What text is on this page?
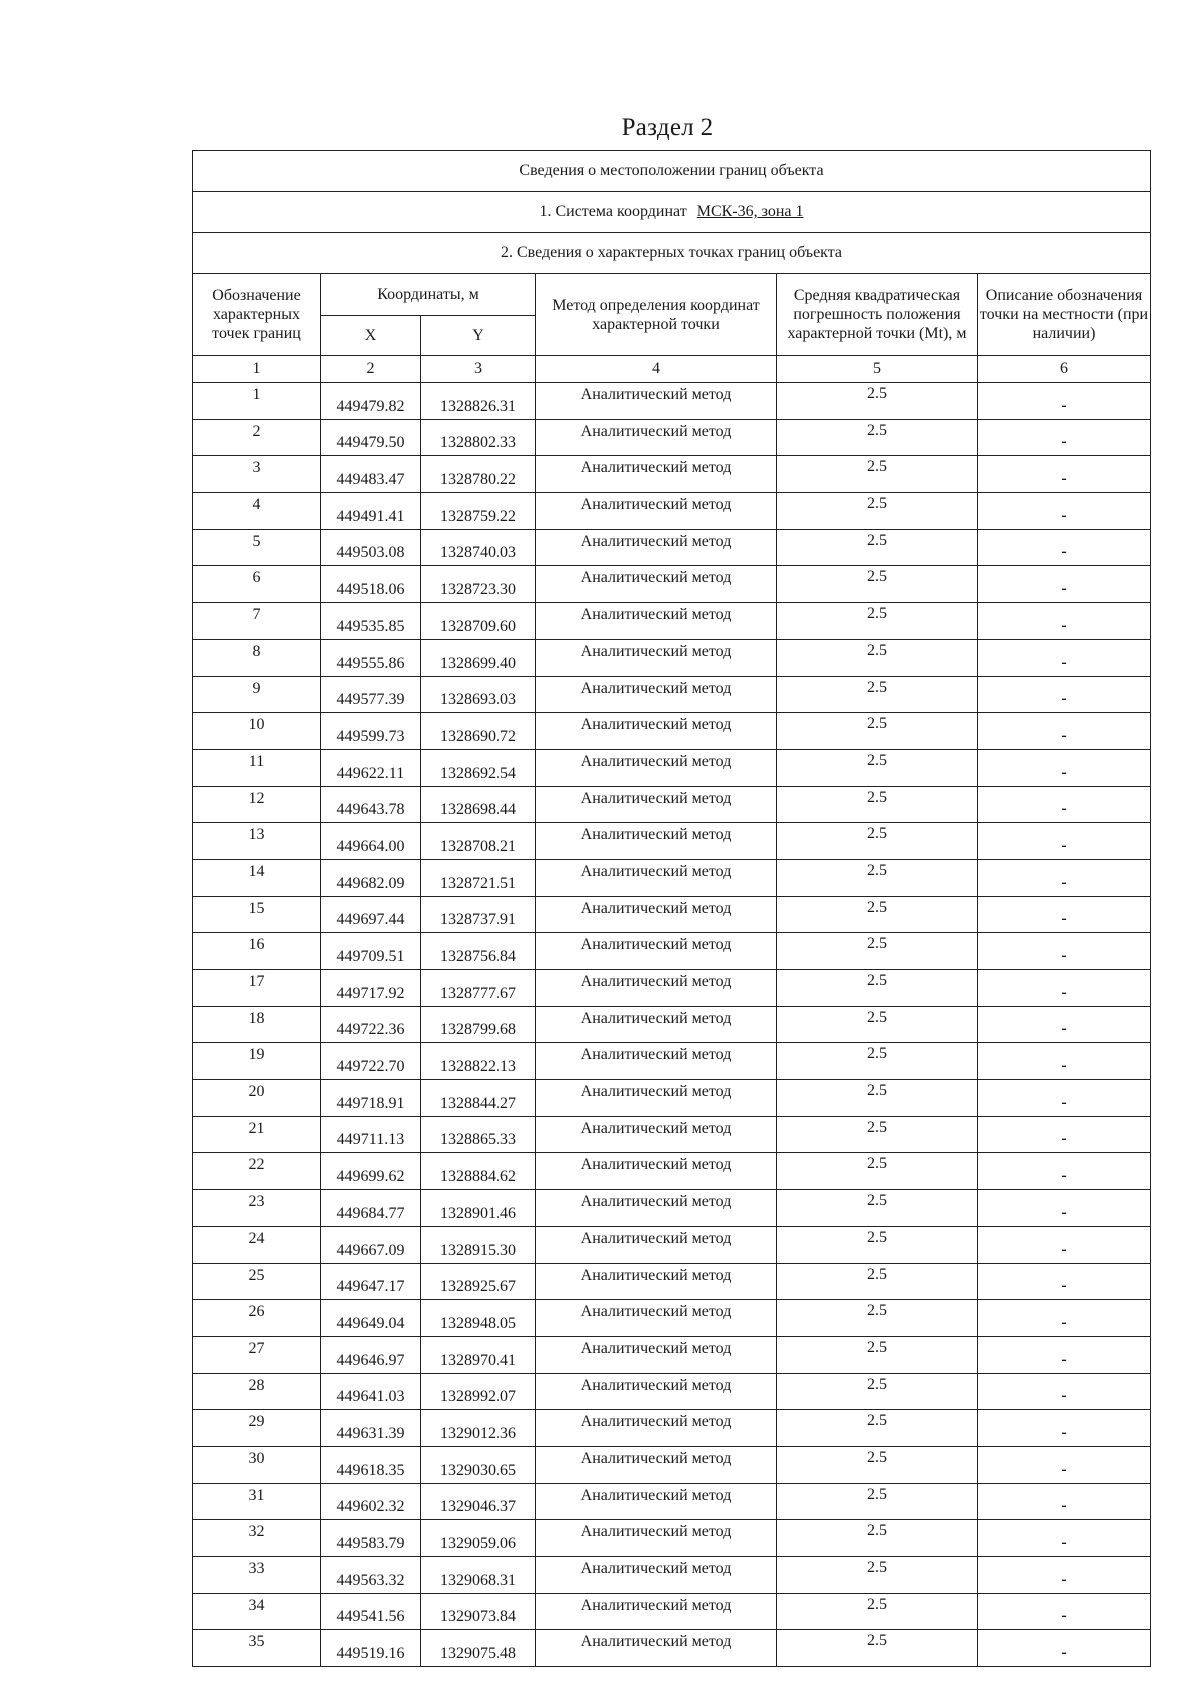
Раздел 2
Сведения о местоположении границ объекта					
1. Система координат МСК-36, зона 1					
2. Сведения о характерных точках границ объекта					
Обозначение характерных точек границ	Координаты, м		Метод определения координат характерной точки	Средняя квадратическая погрешность положения характерной точки (Mt), м	Описание обозначения точки на местности (при наличии)
	X	Y			
1	2	3	4	5	6
1	449479.82	1328826.31	Аналитический метод	2.5	-
2	449479.50	1328802.33	Аналитический метод	2.5	-
3	449483.47	1328780.22	Аналитический метод	2.5	-
4	449491.41	1328759.22	Аналитический метод	2.5	-
5	449503.08	1328740.03	Аналитический метод	2.5	-
6	449518.06	1328723.30	Аналитический метод	2.5	-
7	449535.85	1328709.60	Аналитический метод	2.5	-
8	449555.86	1328699.40	Аналитический метод	2.5	-
9	449577.39	1328693.03	Аналитический метод	2.5	-
10	449599.73	1328690.72	Аналитический метод	2.5	-
11	449622.11	1328692.54	Аналитический метод	2.5	-
12	449643.78	1328698.44	Аналитический метод	2.5	-
13	449664.00	1328708.21	Аналитический метод	2.5	-
14	449682.09	1328721.51	Аналитический метод	2.5	-
15	449697.44	1328737.91	Аналитический метод	2.5	-
16	449709.51	1328756.84	Аналитический метод	2.5	-
17	449717.92	1328777.67	Аналитический метод	2.5	-
18	449722.36	1328799.68	Аналитический метод	2.5	-
19	449722.70	1328822.13	Аналитический метод	2.5	-
20	449718.91	1328844.27	Аналитический метод	2.5	-
21	449711.13	1328865.33	Аналитический метод	2.5	-
22	449699.62	1328884.62	Аналитический метод	2.5	-
23	449684.77	1328901.46	Аналитический метод	2.5	-
24	449667.09	1328915.30	Аналитический метод	2.5	-
25	449647.17	1328925.67	Аналитический метод	2.5	-
26	449649.04	1328948.05	Аналитический метод	2.5	-
27	449646.97	1328970.41	Аналитический метод	2.5	-
28	449641.03	1328992.07	Аналитический метод	2.5	-
29	449631.39	1329012.36	Аналитический метод	2.5	-
30	449618.35	1329030.65	Аналитический метод	2.5	-
31	449602.32	1329046.37	Аналитический метод	2.5	-
32	449583.79	1329059.06	Аналитический метод	2.5	-
33	449563.32	1329068.31	Аналитический метод	2.5	-
34	449541.56	1329073.84	Аналитический метод	2.5	-
35	449519.16	1329075.48	Аналитический метод	2.5	-
